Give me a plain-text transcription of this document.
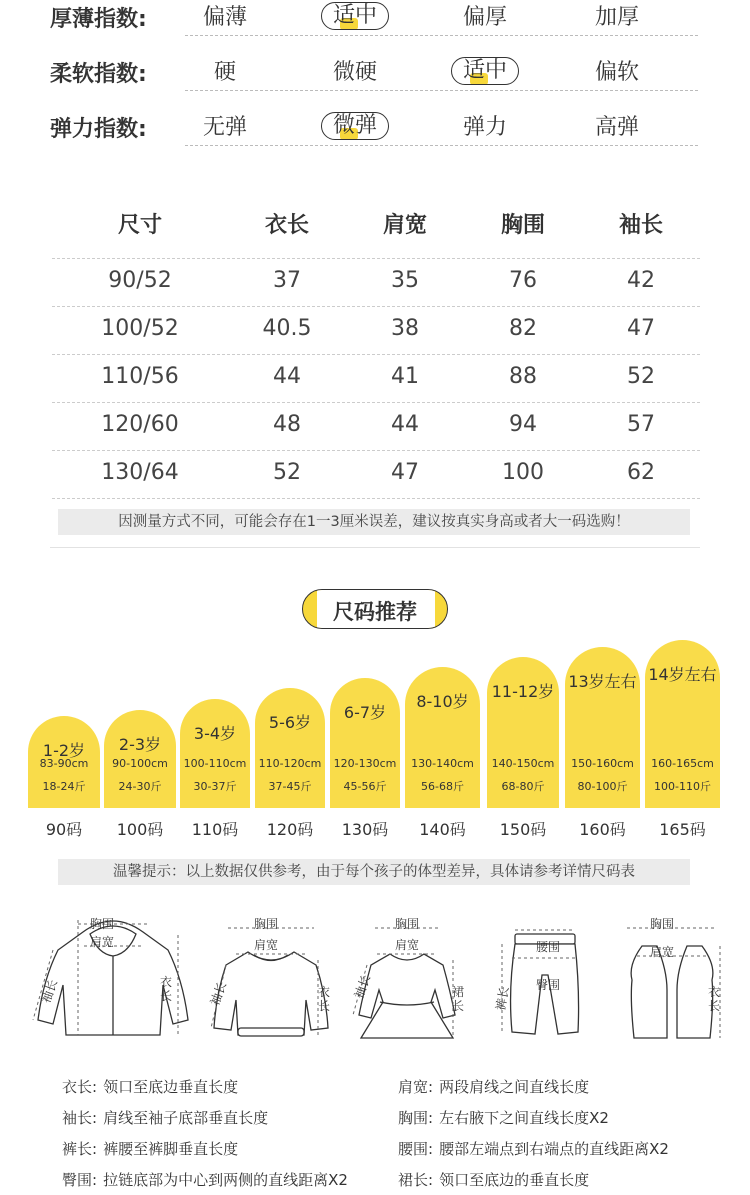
厚薄指数:	偏薄	适中	偏厚	加厚
柔软指数:	硬	微硬	适中	偏软
弹力指数:	无弹	微弹	弹力	高弹
尺寸	衣长	肩宽	胸围	袖长
90/52	37	35	76	42
100/52	40.5	38	82	47
110/56	44	41	88	52
120/60	48	44	94	57
130/64	52	47	100	62
因测量方式不同，可能会存在1一3厘米误差，建议按真实身高或者大一码选购！
尺码推荐
1-2岁
83-90cm
18-24斤
90码
2-3岁
90-100cm
24-30斤
100码
3-4岁
100-110cm
30-37斤
110码
5-6岁
110-120cm
37-45斤
120码
6-7岁
120-130cm
45-56斤
130码
8-10岁
130-140cm
56-68斤
140码
11-12岁
140-150cm
68-80斤
150码
13岁左右
150-160cm
80-100斤
160码
14岁左右
160-165cm
100-110斤
165码
温馨提示：以上数据仅供参考，由于每个孩子的体型差异，具体请参考详情尺码表
胸围
肩宽
袖长	衣
长
胸围
肩宽
袖长	衣
长
胸围
肩宽
袖长
裙
长
腰围
臀围
裤长
胸围
肩宽
衣
长
衣长: 领口至底边垂直长度	肩宽: 两段肩线之间直线长度
袖长: 肩线至袖子底部垂直长度	胸围: 左右腋下之间直线长度X2
裤长: 裤腰至裤脚垂直长度	腰围: 腰部左端点到右端点的直线距离X2
臀围: 拉链底部为中心到两侧的直线距离X2	裙长: 领口至底边的垂直长度
